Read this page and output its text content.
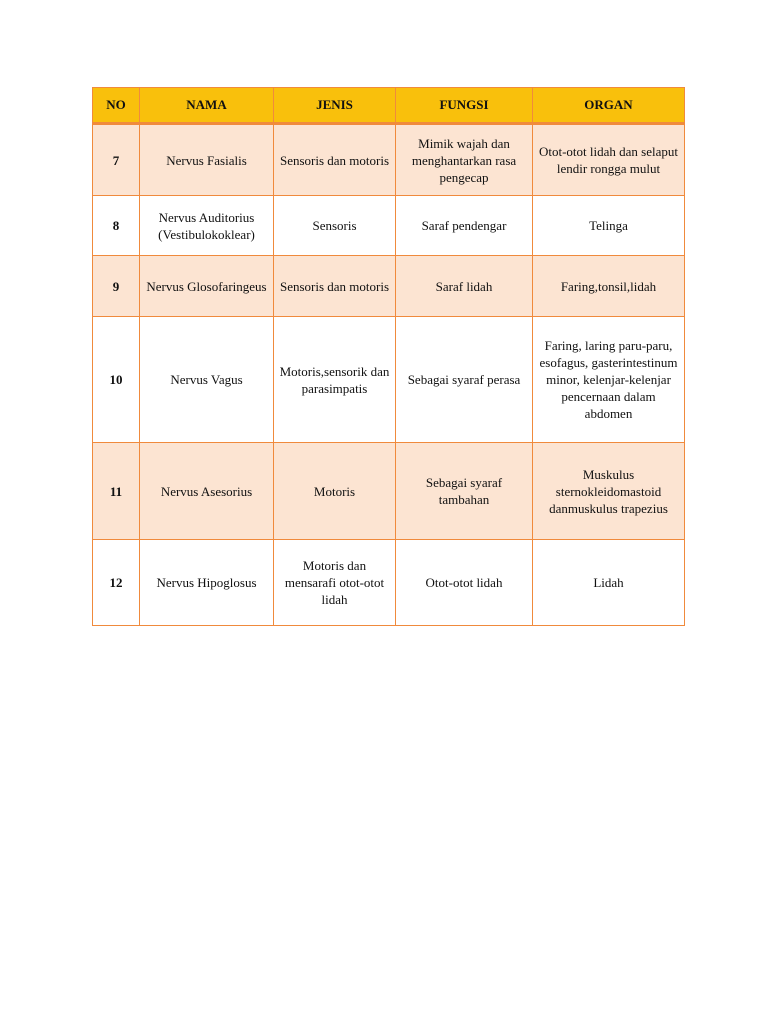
NO	NAMA	JENIS	FUNGSI	ORGAN
7	Nervus Fasialis	Sensoris dan motoris	Mimik wajah dan menghantarkan rasa pengecap	Otot-otot lidah dan selaput lendir rongga mulut
8	Nervus Auditorius (Vestibulokoklear)	Sensoris	Saraf pendengar	Telinga
9	Nervus Glosofaringeus	Sensoris dan motoris	Saraf lidah	Faring,tonsil,lidah
10	Nervus Vagus	Motoris,sensorik dan parasimpatis	Sebagai syaraf perasa	Faring, laring paru-paru, esofagus, gasterintestinum minor, kelenjar-kelenjar pencernaan dalam abdomen
11	Nervus Asesorius	Motoris	Sebagai syaraf tambahan	Muskulus sternokleidomastoid danmuskulus trapezius
12	Nervus Hipoglosus	Motoris dan mensarafi otot-otot lidah	Otot-otot lidah	Lidah
